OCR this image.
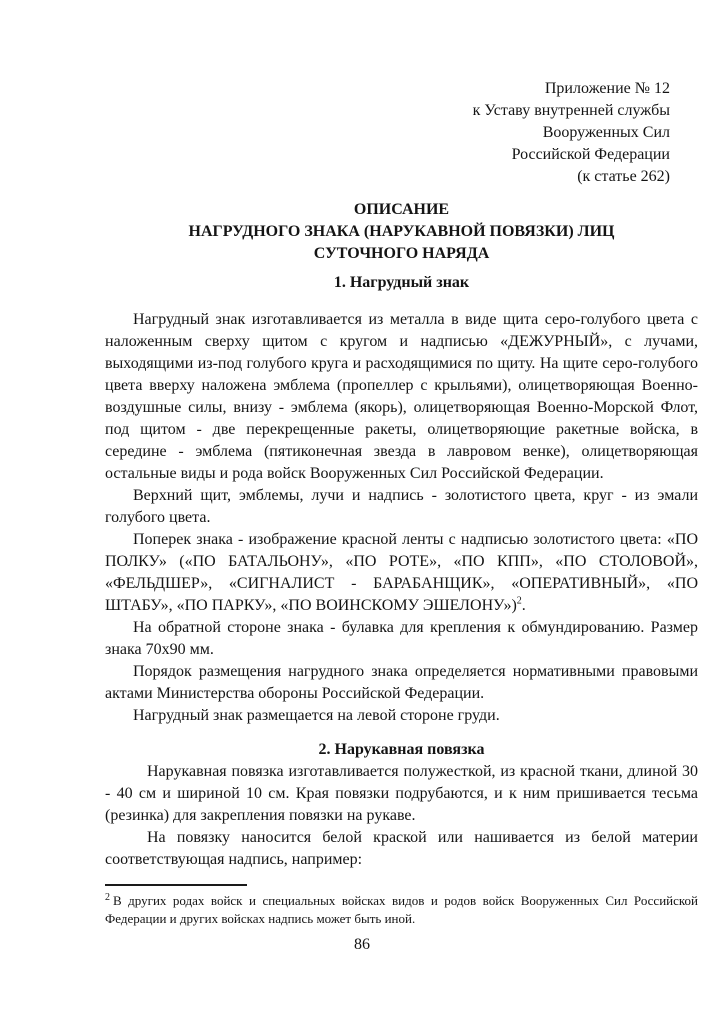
Приложение № 12
к Уставу внутренней службы
Вооруженных Сил
Российской Федерации
(к статье 262)
ОПИСАНИЕ
НАГРУДНОГО ЗНАКА (НАРУКАВНОЙ ПОВЯЗКИ) ЛИЦ
СУТОЧНОГО НАРЯДА
1. Нагрудный знак

Нагрудный знак изготавливается из металла в виде щита серо-голубого цвета с наложенным сверху щитом с кругом и надписью «ДЕЖУРНЫЙ», с лучами, выходящими из-под голубого круга и расходящимися по щиту. На щите серо-голубого цвета вверху наложена эмблема (пропеллер с крыльями), олицетворяющая Военно-воздушные силы, внизу - эмблема (якорь), олицетворяющая Военно-Морской Флот, под щитом - две перекрещенные ракеты, олицетворяющие ракетные войска, в середине - эмблема (пятиконечная звезда в лавровом венке), олицетворяющая остальные виды и рода войск Вооруженных Сил Российской Федерации.

Верхний щит, эмблемы, лучи и надпись - золотистого цвета, круг - из эмали голубого цвета.

Поперек знака - изображение красной ленты с надписью золотистого цвета: «ПО ПОЛКУ» («ПО БАТАЛЬОНУ», «ПО РОТЕ», «ПО КПП», «ПО СТОЛОВОЙ», «ФЕЛЬДШЕР», «СИГНАЛИСТ - БАРАБАНЩИК», «ОПЕРАТИВНЫЙ», «ПО ШТАБУ», «ПО ПАРКУ», «ПО ВОИНСКОМУ ЭШЕЛОНУ»)$^2$.

На обратной стороне знака - булавка для крепления к обмундированию. Размер знака 70х90 мм.

Порядок размещения нагрудного знака определяется нормативными правовыми актами Министерства обороны Российской Федерации.

Нагрудный знак размещается на левой стороне груди.

2. Нарукавная повязка

Нарукавная повязка изготавливается полужесткой, из красной ткани, длиной 30 - 40 см и шириной 10 см. Края повязки подрубаются, и к ним пришивается тесьма (резинка) для закрепления повязки на рукаве.

На повязку наносится белой краской или нашивается из белой материи соответствующая надпись, например:

$^2$ В других родах войск и специальных войсках видов и родов войск Вооруженных Сил Российской Федерации и других войсках надпись может быть иной.

86
